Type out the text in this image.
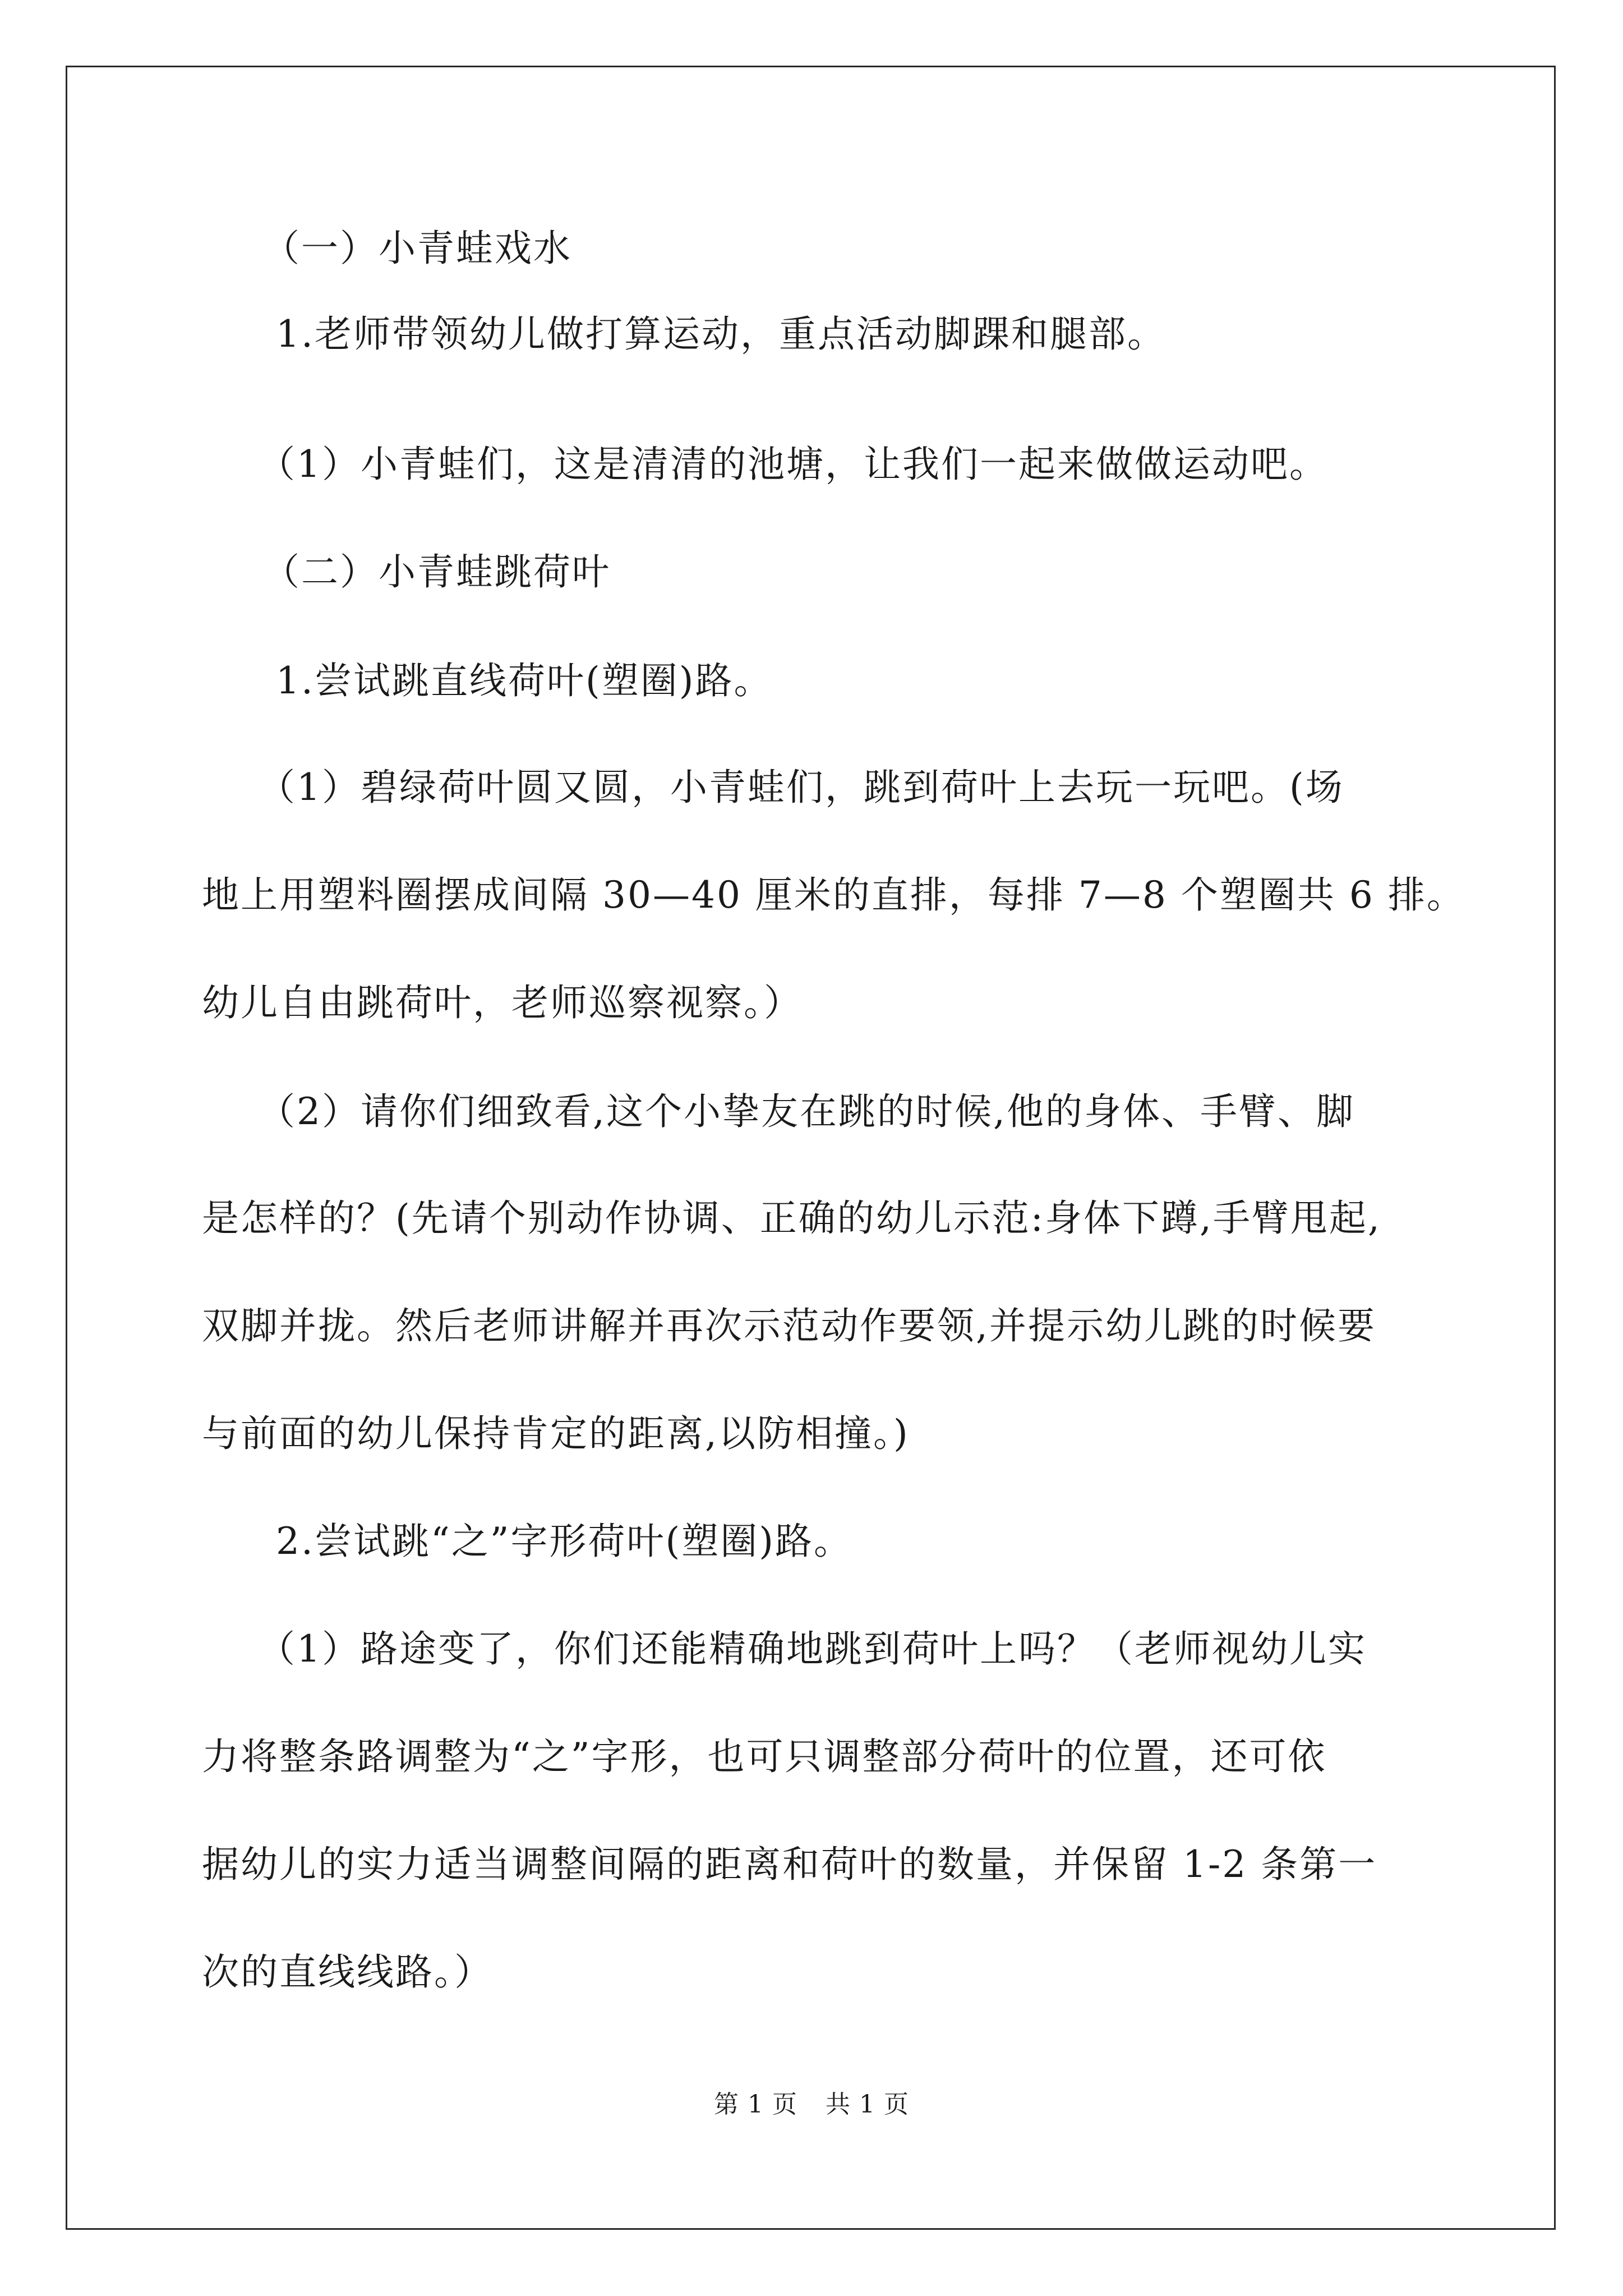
（一）小青蛙戏水
1.老师带领幼儿做打算运动，重点活动脚踝和腿部。
（1）小青蛙们，这是清清的池塘，让我们一起来做做运动吧。
（二）小青蛙跳荷叶
1.尝试跳直线荷叶(塑圈)路。
（1）碧绿荷叶圆又圆，小青蛙们，跳到荷叶上去玩一玩吧。(场
地上用塑料圈摆成间隔 30—40 厘米的直排，每排 7—8 个塑圈共 6 排。
幼儿自由跳荷叶，老师巡察视察。）
（2）请你们细致看,这个小挚友在跳的时候,他的身体、手臂、脚
是怎样的？(先请个别动作协调、正确的幼儿示范:身体下蹲,手臂甩起,
双脚并拢。然后老师讲解并再次示范动作要领,并提示幼儿跳的时候要
与前面的幼儿保持肯定的距离,以防相撞。)
2.尝试跳“之”字形荷叶(塑圈)路。
（1）路途变了，你们还能精确地跳到荷叶上吗？（老师视幼儿实
力将整条路调整为“之”字形，也可只调整部分荷叶的位置，还可依
据幼儿的实力适当调整间隔的距离和荷叶的数量，并保留 1-2 条第一
次的直线线路。）
第 1 页 共 1 页
